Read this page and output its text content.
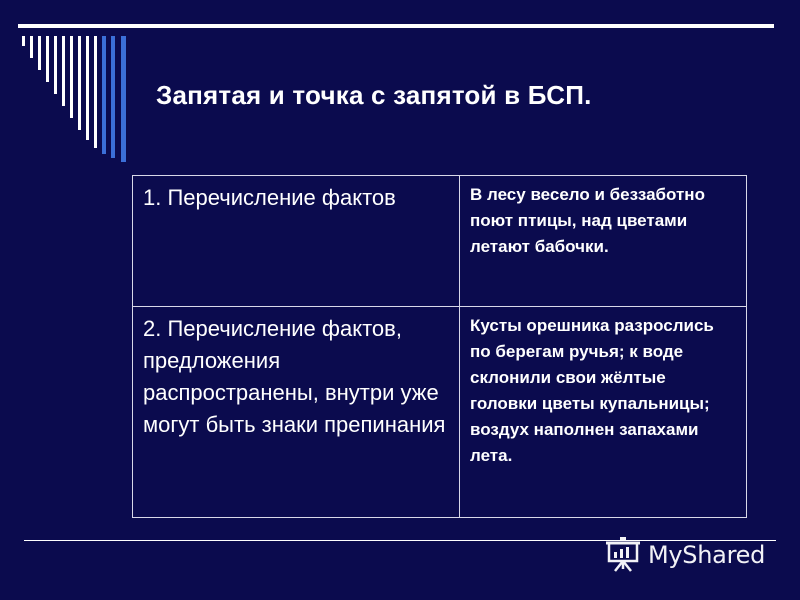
Запятая и точка с запятой в БСП.
1. Перечисление фактов	В лесу весело и беззаботно поют птицы, над цветами летают бабочки.
2. Перечисление фактов, предложения распространены, внутри уже могут быть знаки препинания	Кусты орешника разрослись по берегам ручья; к воде склонили свои жёлтые головки цветы купальницы; воздух наполнен запахами лета.
MyShared
